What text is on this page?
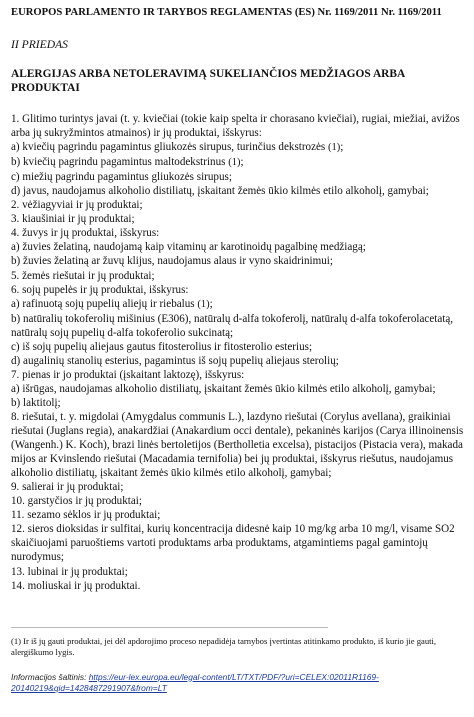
EUROPOS PARLAMENTO IR TARYBOS REGLAMENTAS (ES) Nr. 1169/2011 Nr. 1169/2011

II PRIEDAS

ALERGIJAS ARBA NETOLERAVIMĄ SUKELIANČIOS MEDŽIAGOS ARBA PRODUKTAI

1. Glitimo turintys javai (t. y. kviečiai (tokie kaip spelta ir chorasano kviečiai), rugiai, miežiai, avižos arba jų sukryžmintos atmainos) ir jų produktai, išskyrus:
a) kviečių pagrindu pagamintus gliukozės sirupus, turinčius dekstrozės (1);
b) kviečių pagrindu pagamintus maltodekstrinus (1);
c) miežių pagrindu pagamintus gliukozės sirupus;
d) javus, naudojamus alkoholio distiliatų, įskaitant žemės ūkio kilmės etilo alkoholį, gamybai;
2. vėžiagyviai ir jų produktai;
3. kiaušiniai ir jų produktai;
4. žuvys ir jų produktai, išskyrus:
a) žuvies želatiną, naudojamą kaip vitaminų ar karotinoidų pagalbinę medžiagą;
b) žuvies želatiną ar žuvų klijus, naudojamus alaus ir vyno skaidrinimui;
5. žemės riešutai ir jų produktai;
6. sojų pupelės ir jų produktai, išskyrus:
a) rafinuotą sojų pupelių aliejų ir riebalus (1);
b) natūralių tokoferolių mišinius (E306), natūralų d-alfa tokoferolį, natūralų d-alfa tokoferolacetatą, natūralų sojų pupelių d-alfa tokoferolio sukcinatą;
c) iš sojų pupelių aliejaus gautus fitosterolius ir fitosterolio esterius;
d) augalinių stanolių esterius, pagamintus iš sojų pupelių aliejaus sterolių;
7. pienas ir jo produktai (įskaitant laktozę), išskyrus:
a) išrūgas, naudojamas alkoholio distiliatų, įskaitant žemės ūkio kilmės etilo alkoholį, gamybai;
b) laktitolį;
8. riešutai, t. y. migdolai (Amygdalus communis L.), lazdyno riešutai (Corylus avellana), graikiniai riešutai (Juglans regia), anakardžiai (Anakardium occi dentale), pekaninės karijos (Carya illinoinensis (Wangenh.) K. Koch), brazi linės bertoletijos (Bertholletia excelsa), pistacijos (Pistacia vera), makada mijos ar Kvinslendo riešutai (Macadamia ternifolia) bei jų produktai, išskyrus riešutus, naudojamus alkoholio distiliatų, įskaitant žemės ūkio kilmės etilo alkoholį, gamybai;
9. salierai ir jų produktai;
10. garstyčios ir jų produktai;
11. sezamo sėklos ir jų produktai;
12. sieros dioksidas ir sulfitai, kurių koncentracija didesnė kaip 10 mg/kg arba 10 mg/l, visame SO2 skaičiuojami paruoštiems vartoti produktams arba produktams, atgamintiems pagal gamintojų nurodymus;
13. lubinai ir jų produktai;
14. moliuskai ir jų produktai.

(1) Ir iš jų gauti produktai, jei dėl apdorojimo proceso nepadidėja tarnybos įvertintas atitinkamo produkto, iš kurio jie gauti, alergiškumo lygis.

Informacijos šaltinis: https://eur-lex.europa.eu/legal-content/LT/TXT/PDF/?uri=CELEX:02011R1169-20140219&qid=1428487291907&from=LT
